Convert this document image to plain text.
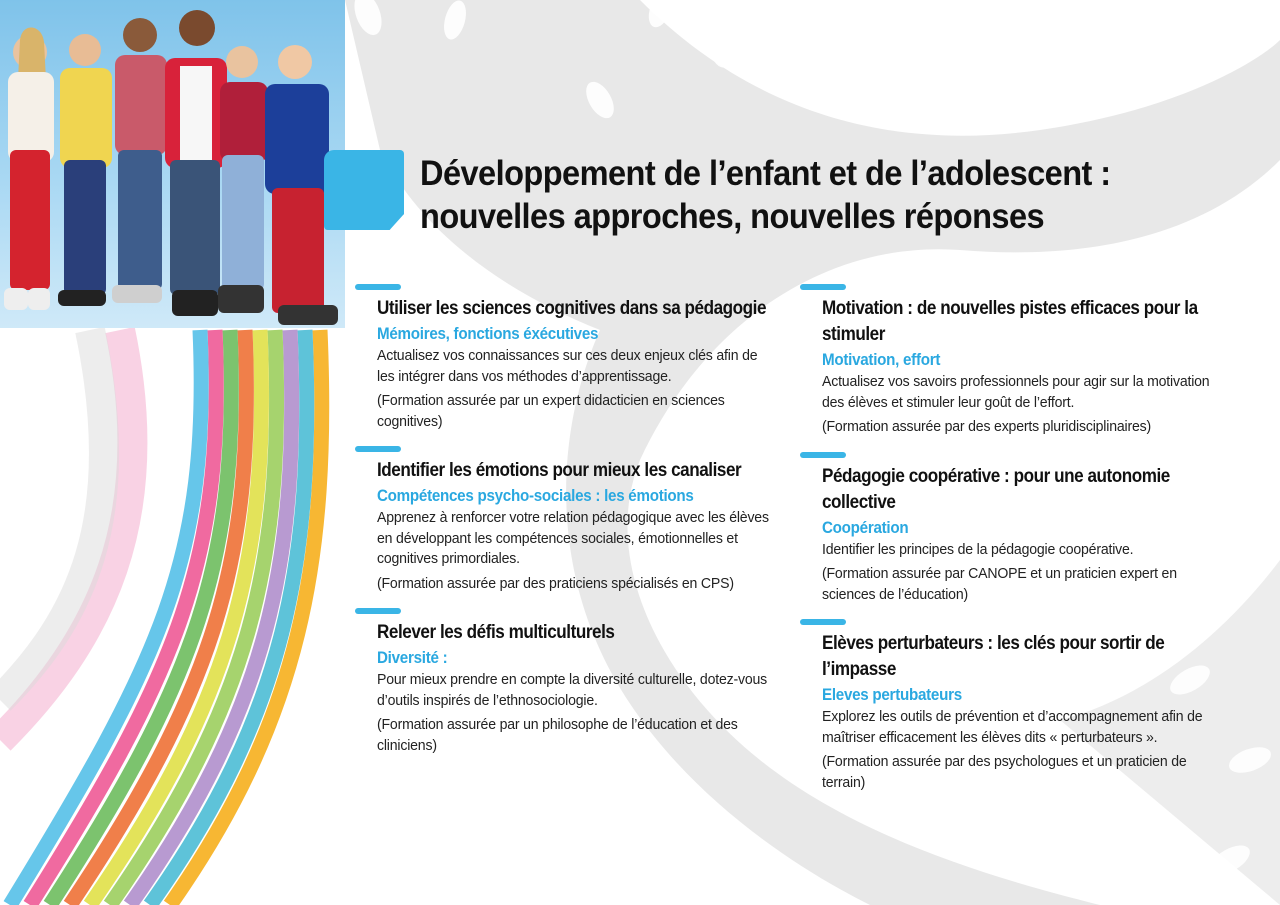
Développement de l’enfant et de l’adolescent :
nouvelles approches, nouvelles réponses
Utiliser les sciences cognitives dans sa pédagogie
Mémoires, fonctions éxécutives

Actualisez vos connaissances sur ces deux enjeux clés afin de les intégrer dans vos méthodes d’apprentissage.

(Formation assurée par un expert didacticien en sciences cognitives)

Identifier les émotions pour mieux les canaliser
Compétences psycho-sociales : les émotions

Apprenez à renforcer votre relation pédagogique avec les élèves en développant les compétences sociales, émotionnelles et cognitives primordiales.

(Formation assurée par des praticiens spécialisés en CPS)

Relever les défis multiculturels
Diversité :

Pour mieux prendre en compte la diversité culturelle, dotez-vous d’outils inspirés de l’ethnosociologie.

(Formation assurée par un philosophe de l’éducation et des cliniciens)

Motivation : de nouvelles pistes efficaces pour la stimuler
Motivation, effort

Actualisez vos savoirs professionnels pour agir sur la motivation des élèves et stimuler leur goût de l’effort.

(Formation assurée par des experts pluridisciplinaires)

Pédagogie coopérative : pour une autonomie collective
Coopération

Identifier les principes de la pédagogie coopérative.

(Formation assurée par CANOPE et un praticien expert en sciences de l’éducation)

Elèves perturbateurs : les clés pour sortir de l’impasse
Eleves pertubateurs

Explorez les outils de prévention et d’accompagnement afin de maîtriser efficacement les élèves dits « perturbateurs ».

(Formation assurée par des psychologues et un praticien de terrain)
